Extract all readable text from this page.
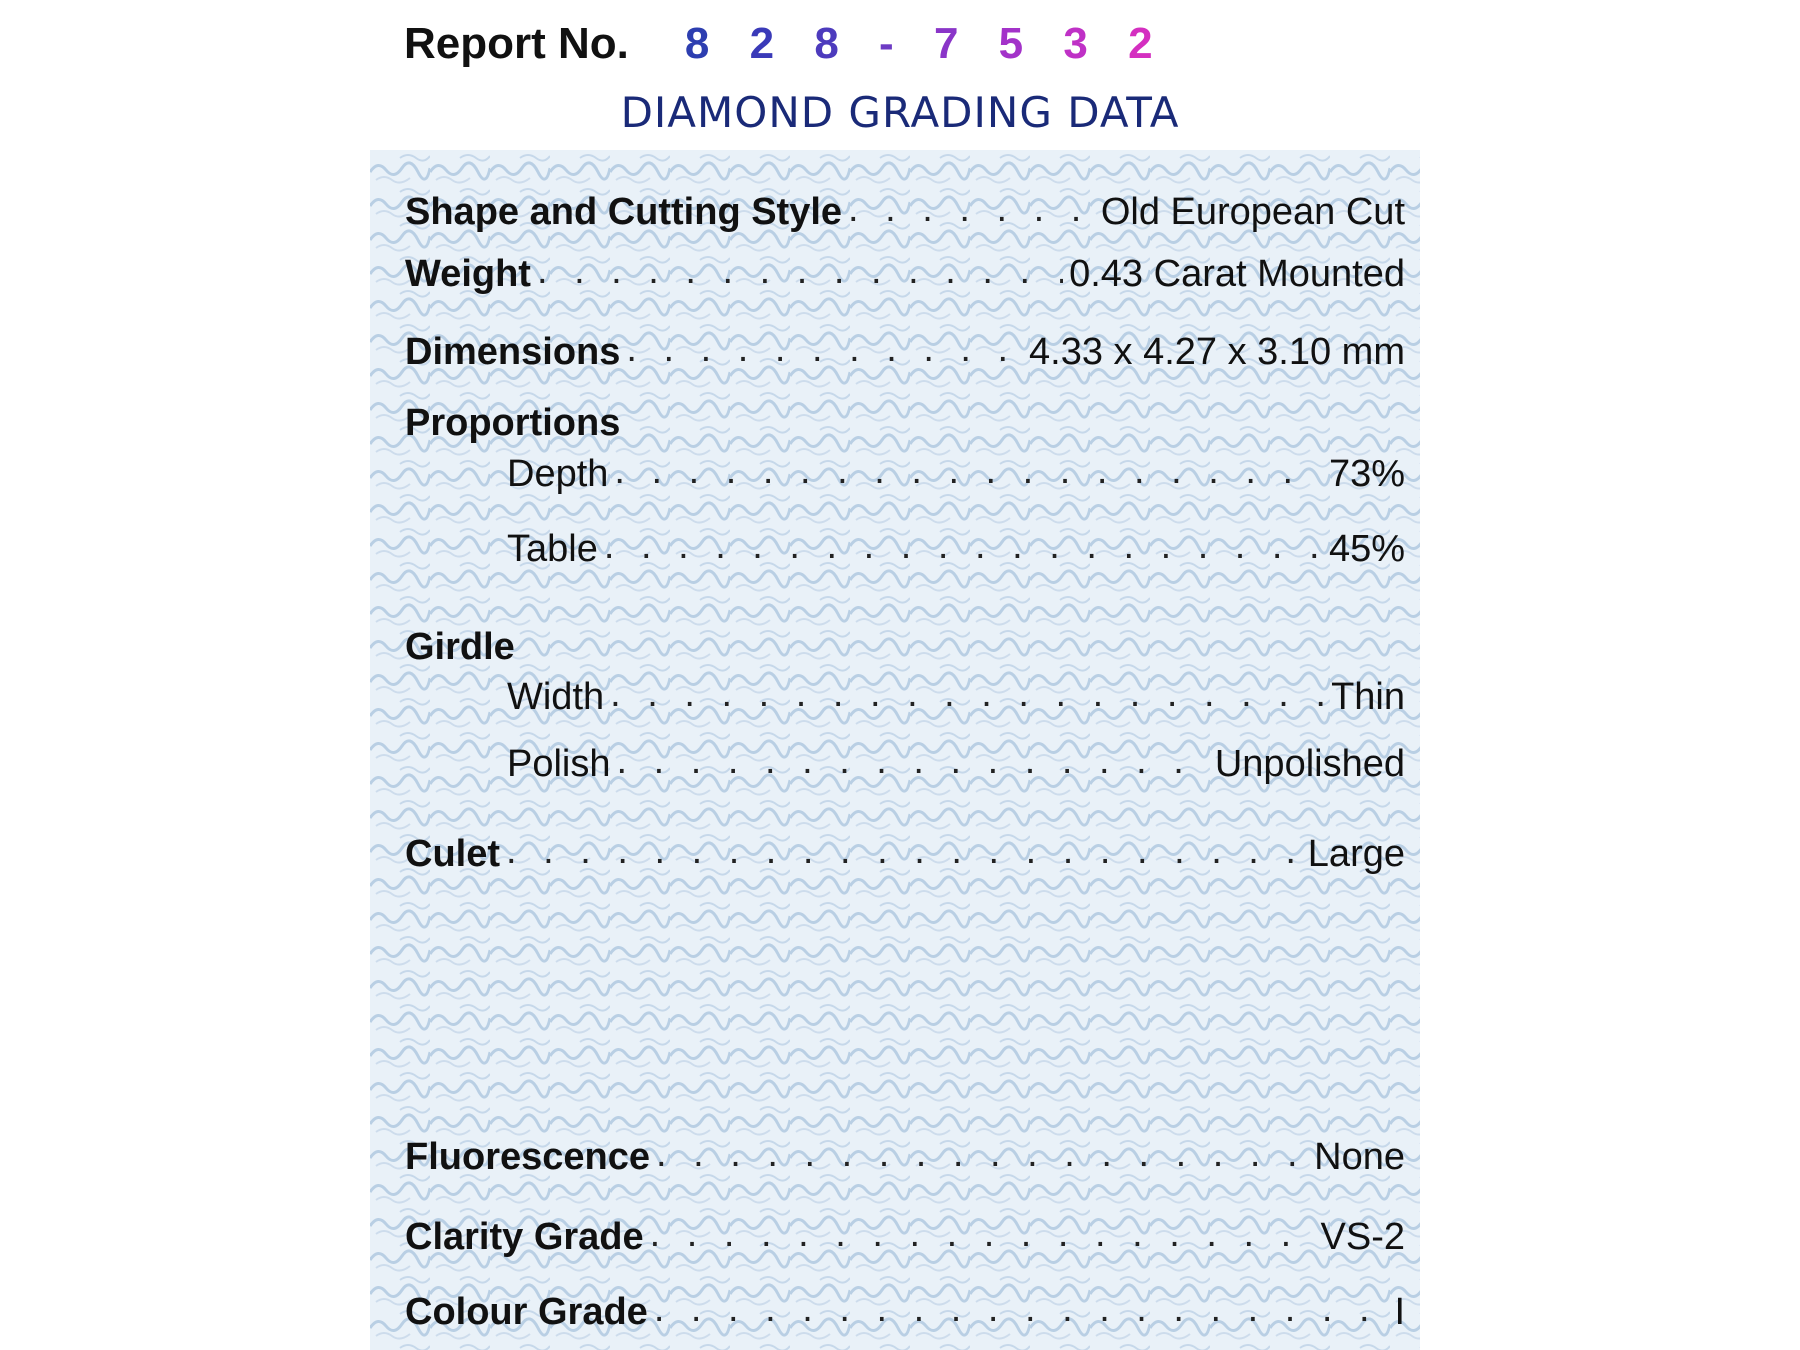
Report No. 8 2 8 - 7 5 3 2
DIAMOND GRADING DATA
Shape and Cutting Style . . .	Old European Cut
Weight . . .	0.43 Carat Mounted
Dimensions . . .	4.33 x 4.27 x 3.10 mm
Proportions
Depth . . .	73%
Table . . .	45%
Girdle
Width . . .	Thin
Polish . . .	Unpolished
Culet . . .	Large
Fluorescence . . .	None
Clarity Grade . . .	VS-2
Colour Grade . . .	I
